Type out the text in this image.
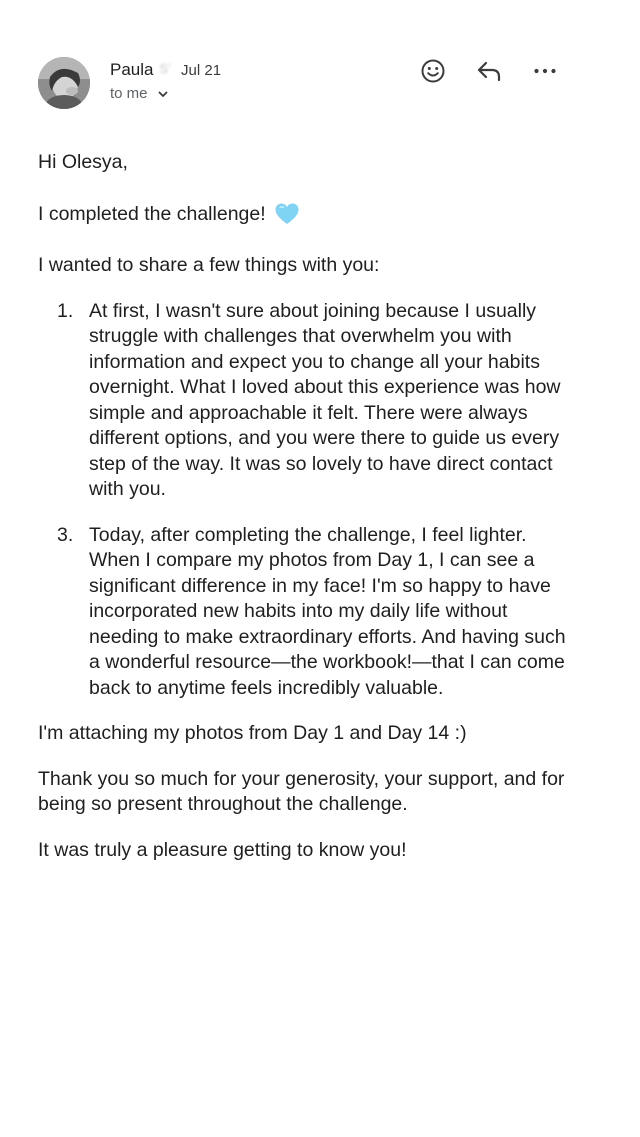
Paula S’ Jul 21
to me

Hi Olesya,

I completed the challenge!

I wanted to share a few things with you:

1. At first, I wasn't sure about joining because I usually struggle with challenges that overwhelm you with information and expect you to change all your habits overnight. What I loved about this experience was how simple and approachable it felt. There were always different options, and you were there to guide us every step of the way. It was so lovely to have direct contact with you.
3. Today, after completing the challenge, I feel lighter. When I compare my photos from Day 1, I can see a significant difference in my face! I'm so happy to have incorporated new habits into my daily life without needing to make extraordinary efforts. And having such a wonderful resource—the workbook!—that I can come back to anytime feels incredibly valuable.

I'm attaching my photos from Day 1 and Day 14 :)

Thank you so much for your generosity, your support, and for being so present throughout the challenge.

It was truly a pleasure getting to know you!
